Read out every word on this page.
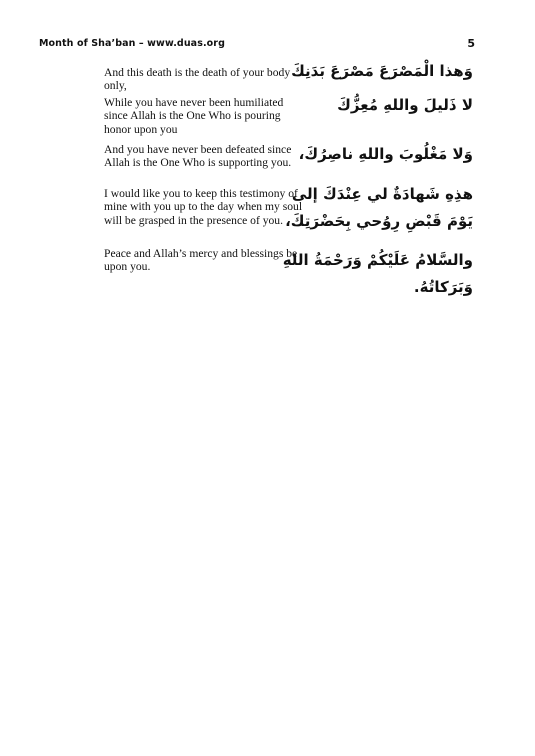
Month of Sha’ban – www.duas.org	5
And this death is the death of your body only,
وَهذا الْمَصْرَعَ مَصْرَعَ بَدَنِكَ
While you have never been humiliated since Allah is the One Who is pouring honor upon you
لا ذَليلَ واللهِ مُعِزُّكَ
And you have never been defeated since Allah is the One Who is supporting you. وَلا مَغْلُوبَ واللهِ ناصِرُكَ،
I would like you to keep this testimony of mine with you up to the day when my soul will be grasped in the presence of you.
هذِهِ شَهادَةٌ لي عِنْدَكَ إلى يَوْمَ قَبْضِ رِوُحي بِحَضْرَتِكَ،
Peace and Allah’s mercy and blessings be upon you.	والسَّلامُ عَلَيْكُمْ وَرَحْمَةُ اللهِ وَبَرَكاتُهُ.
